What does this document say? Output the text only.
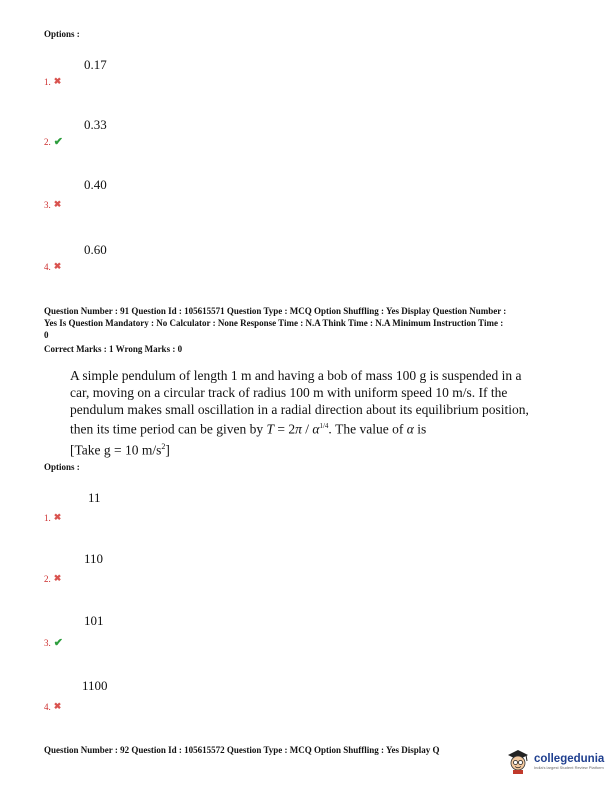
Options :
0.17
1. ✖
0.33
2. ✔
0.40
3. ✖
0.60
4. ✖
Question Number : 91 Question Id : 105615571 Question Type : MCQ Option Shuffling : Yes Display Question Number :
Yes Is Question Mandatory : No Calculator : None Response Time : N.A Think Time : N.A Minimum Instruction Time :
0
Correct Marks : 1 Wrong Marks : 0
A simple pendulum of length 1 m and having a bob of mass 100 g is suspended in a
car, moving on a circular track of radius 100 m with uniform speed 10 m/s. If the
pendulum makes small oscillation in a radial direction about its equilibrium position,
then its time period can be given by $T = 2\pi / \alpha^{1/4}$. The value of α is
[Take g = 10 $m/s^2$]
Options :
11
1. ✖
110
2. ✖
101
3. ✔
1100
4. ✖
Question Number : 92 Question Id : 105615572 Question Type : MCQ Option Shuffling : Yes Display Q
collegedunia
India's largest Student Review Platform
